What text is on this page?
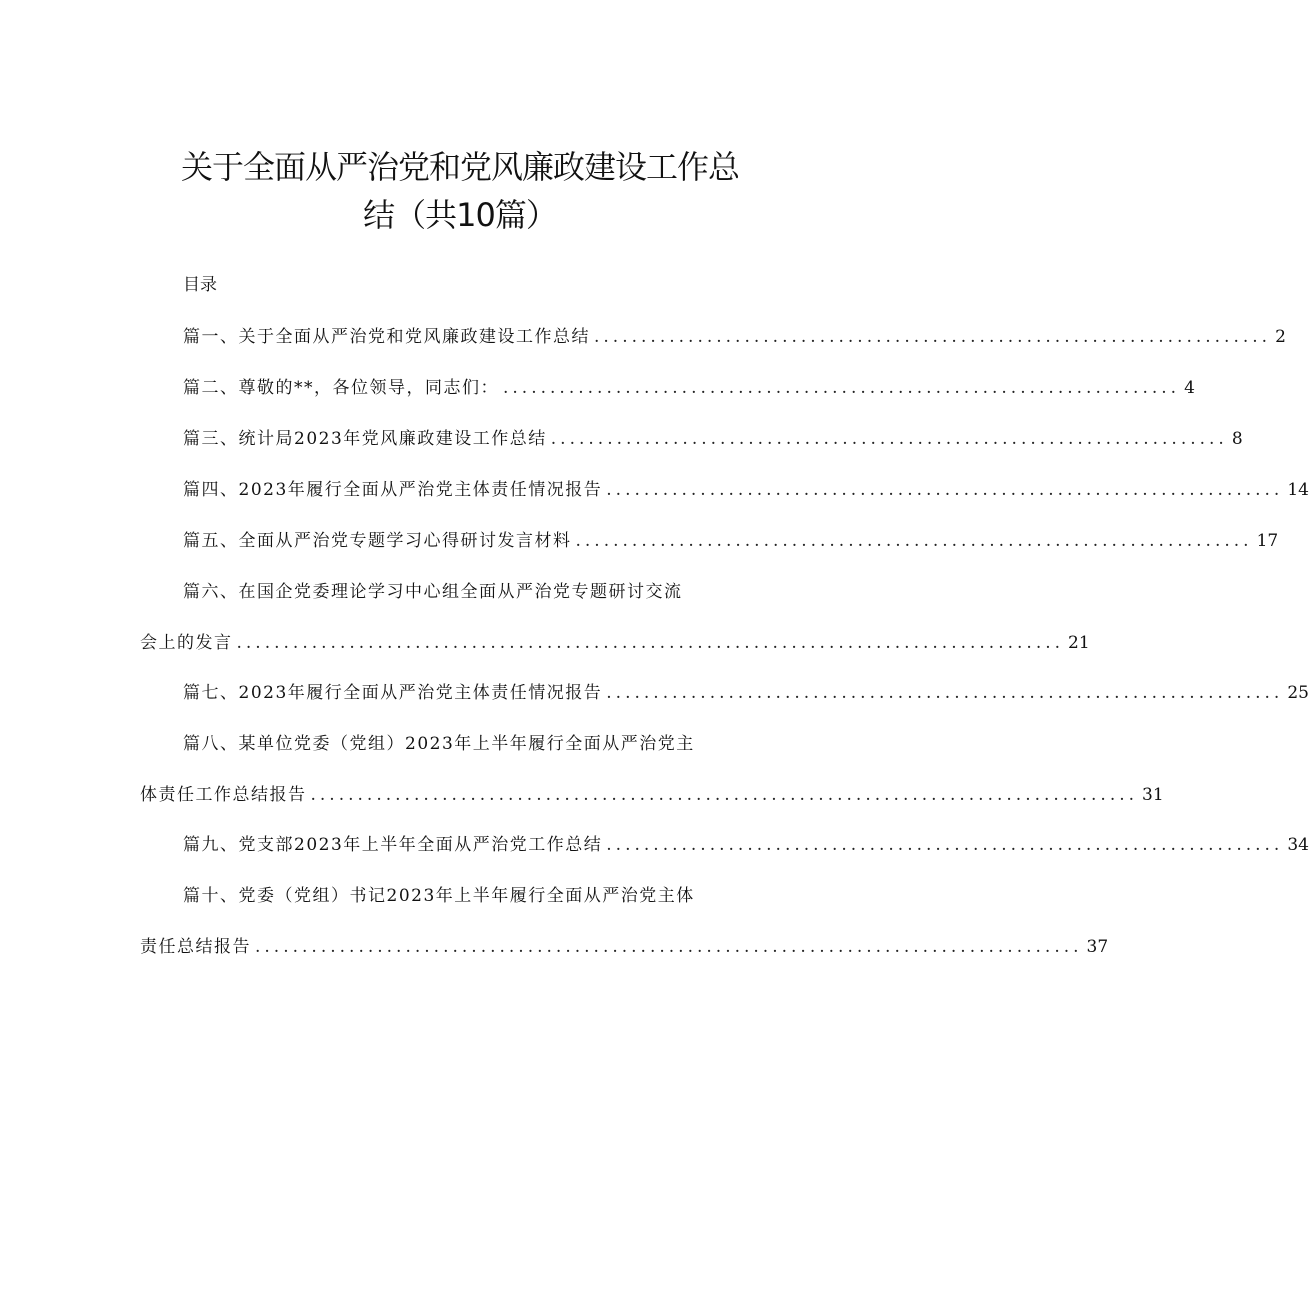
关于全面从严治党和党风廉政建设工作总
结（共10篇）
目录
篇一、关于全面从严治党和党风廉政建设工作总结 ........................................................................ 2
篇二、尊敬的**，各位领导，同志们： ........................................................................ 4
篇三、统计局2023年党风廉政建设工作总结 ........................................................................ 8
篇四、2023年履行全面从严治党主体责任情况报告 ........................................................................ 14
篇五、全面从严治党专题学习心得研讨发言材料 ........................................................................ 17
篇六、在国企党委理论学习中心组全面从严治党专题研讨交流
会上的发言 ........................................................................................ 21
篇七、2023年履行全面从严治党主体责任情况报告 ........................................................................ 25
篇八、某单位党委（党组）2023年上半年履行全面从严治党主
体责任工作总结报告 ........................................................................................ 31
篇九、党支部2023年上半年全面从严治党工作总结 ........................................................................ 34
篇十、党委（党组）书记2023年上半年履行全面从严治党主体
责任总结报告 ........................................................................................ 37
